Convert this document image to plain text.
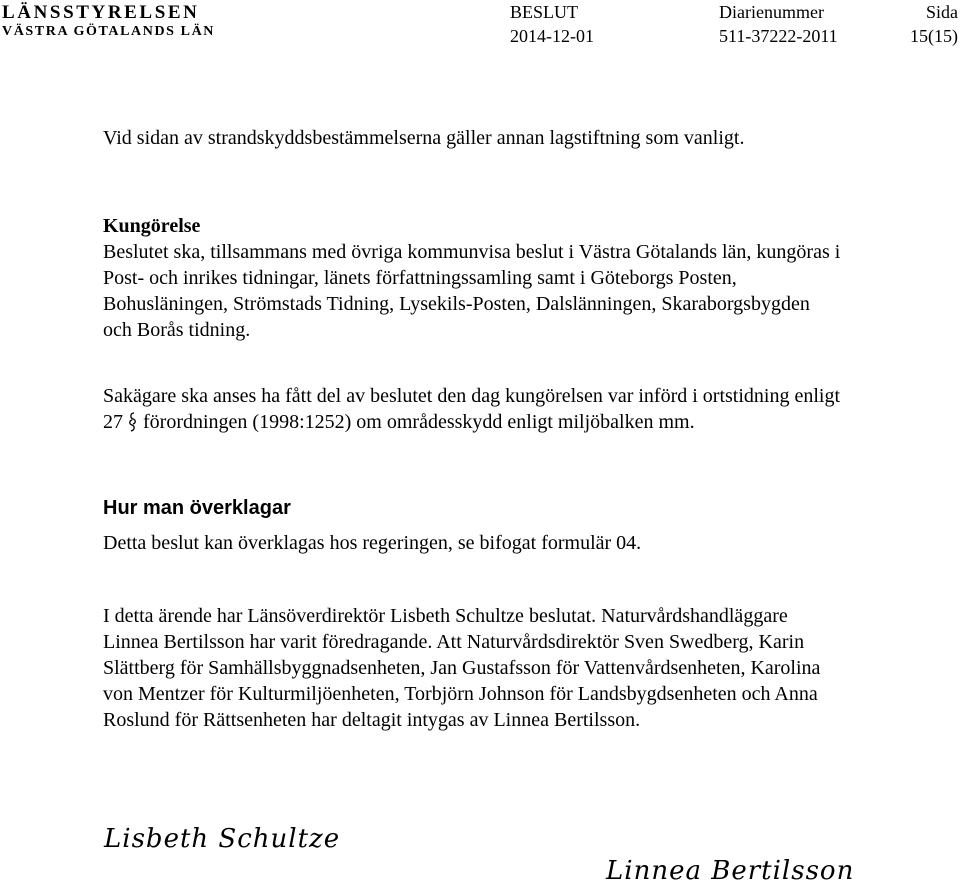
LÄNSSTYRELSEN
VÄSTRA GÖTALANDS LÄN
BESLUT
2014-12-01
Diarienummer
511-37222-2011
Sida
15(15)

Vid sidan av strandskyddsbestämmelserna gäller annan lagstiftning som vanligt.

Kungörelse

Beslutet ska, tillsammans med övriga kommunvisa beslut i Västra Götalands län, kungöras i Post- och inrikes tidningar, länets författningssamling samt i Göteborgs Posten, Bohusläningen, Strömstads Tidning, Lysekils-Posten, Dalslänningen, Skaraborgsbygden och Borås tidning.

Sakägare ska anses ha fått del av beslutet den dag kungörelsen var införd i ortstidning enligt 27  förordningen (1998:1252) om områdesskydd enligt miljöbalken mm.

Hur man överklagar

Detta beslut kan överklagas hos regeringen, se bifogat formulär 04.

I detta ärende har Länsöverdirektör Lisbeth Schultze beslutat. Naturvårdshandläggare Linnea Bertilsson har varit föredragande. Att Naturvårdsdirektör Sven Swedberg, Karin Slättberg för Samhällsbyggnadsenheten, Jan Gustafsson för Vattenvårdsenheten, Karolina von Mentzer för Kulturmiljöenheten, Torbjörn Johnson för Landsbygdsenheten och Anna Roslund för Rättsenheten har deltagit intygas av Linnea Bertilsson.

Lisbeth Schultze
Linnea Bertilsson
